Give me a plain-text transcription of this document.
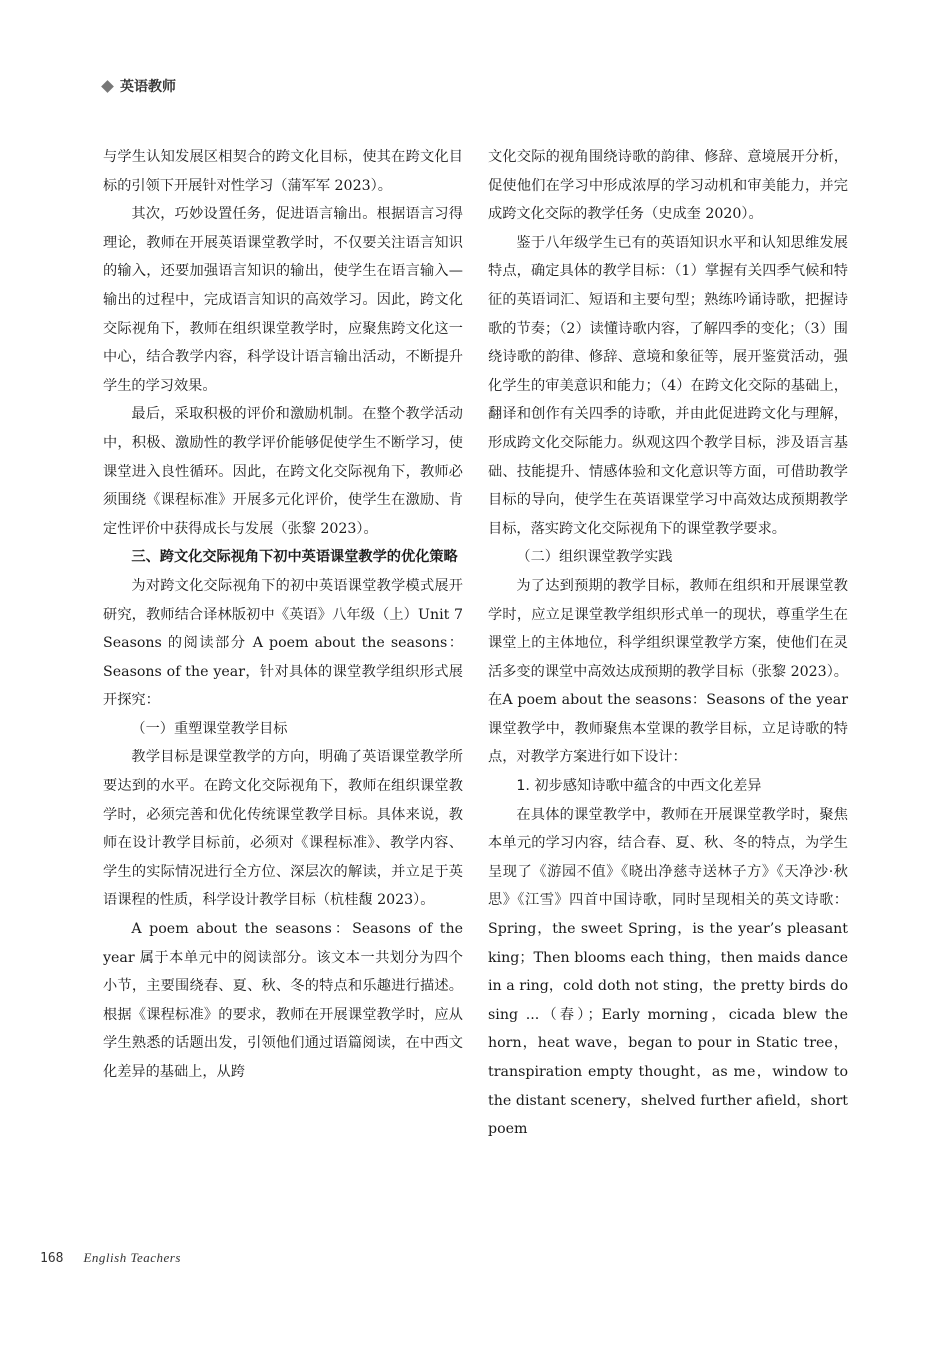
英语教师

与学生认知发展区相契合的跨文化目标，使其在跨文化目标的引领下开展针对性学习（蒲军军 2023）。

其次，巧妙设置任务，促进语言输出。根据语言习得理论，教师在开展英语课堂教学时，不仅要关注语言知识的输入，还要加强语言知识的输出，使学生在语言输入—输出的过程中，完成语言知识的高效学习。因此，跨文化交际视角下，教师在组织课堂教学时，应聚焦跨文化这一中心，结合教学内容，科学设计语言输出活动，不断提升学生的学习效果。

最后，采取积极的评价和激励机制。在整个教学活动中，积极、激励性的教学评价能够促使学生不断学习，使课堂进入良性循环。因此，在跨文化交际视角下，教师必须围绕《课程标准》开展多元化评价，使学生在激励、肯定性评价中获得成长与发展（张黎 2023）。

三、跨文化交际视角下初中英语课堂教学的优化策略

为对跨文化交际视角下的初中英语课堂教学模式展开研究，教师结合译林版初中《英语》八年级（上）Unit 7 Seasons 的阅读部分 A poem about the seasons：Seasons of the year，针对具体的课堂教学组织形式展开探究：

（一）重塑课堂教学目标

教学目标是课堂教学的方向，明确了英语课堂教学所要达到的水平。在跨文化交际视角下，教师在组织课堂教学时，必须完善和优化传统课堂教学目标。具体来说，教师在设计教学目标前，必须对《课程标准》、教学内容、学生的实际情况进行全方位、深层次的解读，并立足于英语课程的性质，科学设计教学目标（杭桂馥 2023）。

A poem about the seasons：Seasons of the year 属于本单元中的阅读部分。该文本一共划分为四个小节，主要围绕春、夏、秋、冬的特点和乐趣进行描述。根据《课程标准》的要求，教师在开展课堂教学时，应从学生熟悉的话题出发，引领他们通过语篇阅读，在中西文化差异的基础上，从跨

文化交际的视角围绕诗歌的韵律、修辞、意境展开分析，促使他们在学习中形成浓厚的学习动机和审美能力，并完成跨文化交际的教学任务（史成奎 2020）。

鉴于八年级学生已有的英语知识水平和认知思维发展特点，确定具体的教学目标：（1）掌握有关四季气候和特征的英语词汇、短语和主要句型；熟练吟诵诗歌，把握诗歌的节奏；（2）读懂诗歌内容，了解四季的变化；（3）围绕诗歌的韵律、修辞、意境和象征等，展开鉴赏活动，强化学生的审美意识和能力；（4）在跨文化交际的基础上，翻译和创作有关四季的诗歌，并由此促进跨文化与理解，形成跨文化交际能力。纵观这四个教学目标，涉及语言基础、技能提升、情感体验和文化意识等方面，可借助教学目标的导向，使学生在英语课堂学习中高效达成预期教学目标，落实跨文化交际视角下的课堂教学要求。

（二）组织课堂教学实践

为了达到预期的教学目标，教师在组织和开展课堂教学时，应立足课堂教学组织形式单一的现状，尊重学生在课堂上的主体地位，科学组织课堂教学方案，使他们在灵活多变的课堂中高效达成预期的教学目标（张黎 2023）。在A poem about the seasons：Seasons of the year 课堂教学中，教师聚焦本堂课的教学目标，立足诗歌的特点，对教学方案进行如下设计：

1. 初步感知诗歌中蕴含的中西文化差异

在具体的课堂教学中，教师在开展课堂教学时，聚焦本单元的学习内容，结合春、夏、秋、冬的特点，为学生呈现了《游园不值》《晓出净慈寺送林子方》《天净沙·秋思》《江雪》四首中国诗歌，同时呈现相关的英文诗歌：Spring，the sweet Spring，is the year’s pleasant king；Then blooms each thing，then maids dance in a ring，cold doth not sting，the pretty birds do sing ...（春）；Early morning，cicada blew the horn，heat wave，began to pour in Static tree，transpiration empty thought，as me，window to the distant scenery，shelved further afield，short poem

168 English Teachers
